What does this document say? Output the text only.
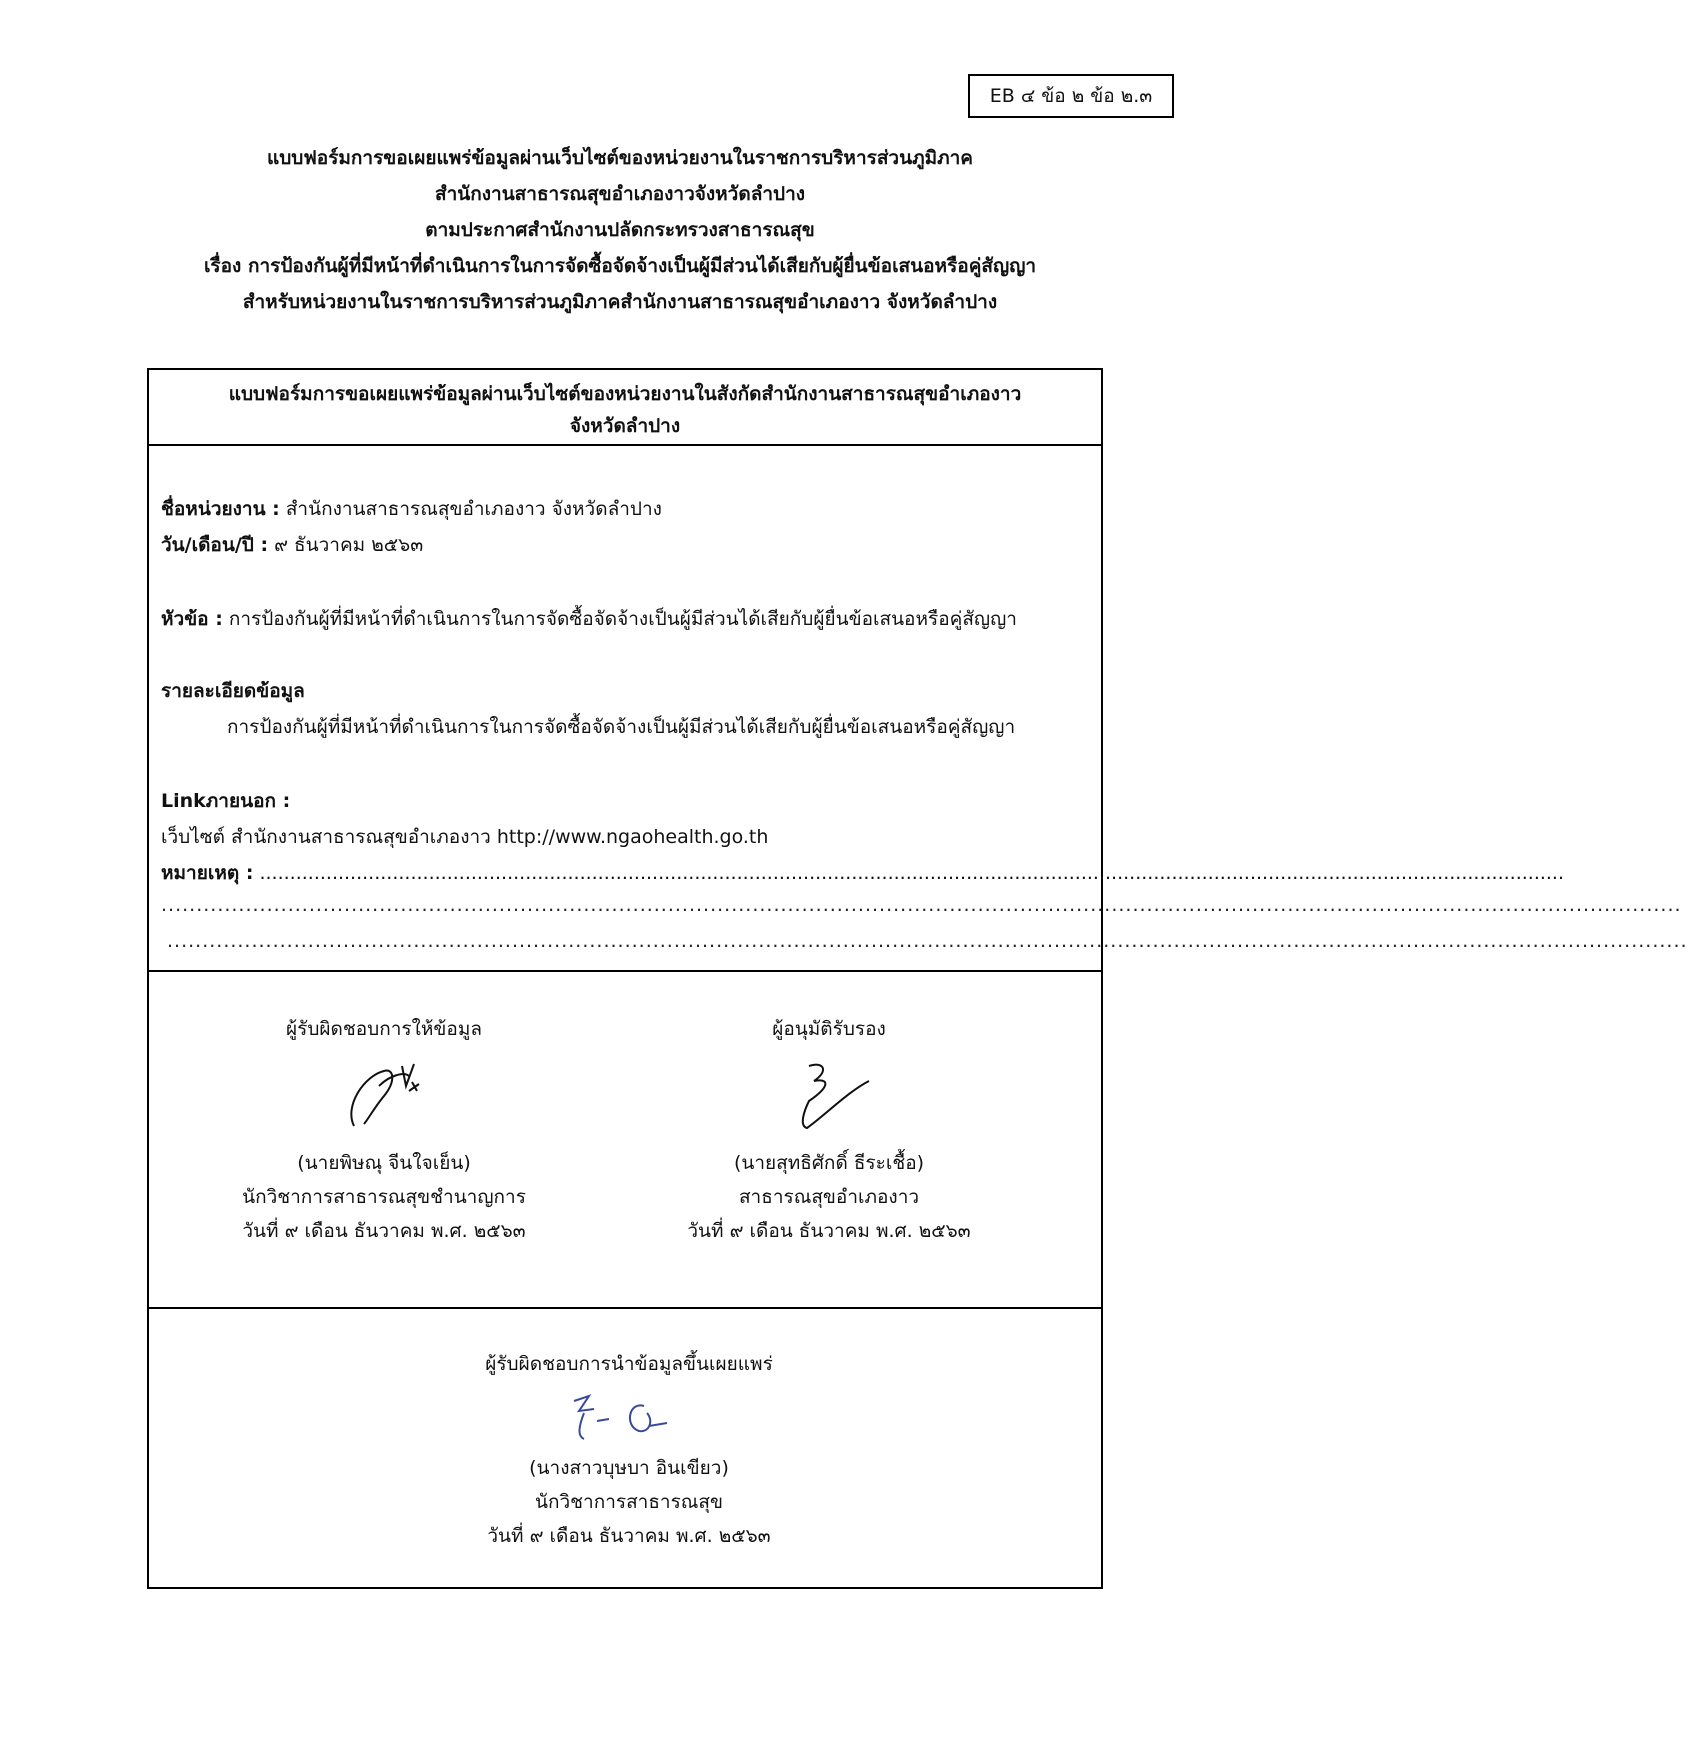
EB ๔ ข้อ ๒ ข้อ ๒.๓
แบบฟอร์มการขอเผยแพร่ข้อมูลผ่านเว็บไซต์ของหน่วยงานในราชการบริหารส่วนภูมิภาค
สำนักงานสาธารณสุขอำเภองาวจังหวัดลำปาง
ตามประกาศสำนักงานปลัดกระทรวงสาธารณสุข
เรื่อง การป้องกันผู้ที่มีหน้าที่ดำเนินการในการจัดซื้อจัดจ้างเป็นผู้มีส่วนได้เสียกับผู้ยื่นข้อเสนอหรือคู่สัญญา
สำหรับหน่วยงานในราชการบริหารส่วนภูมิภาคสำนักงานสาธารณสุขอำเภองาว จังหวัดลำปาง
แบบฟอร์มการขอเผยแพร่ข้อมูลผ่านเว็บไซต์ของหน่วยงานในสังกัดสำนักงานสาธารณสุขอำเภองาว
จังหวัดลำปาง
ชื่อหน่วยงาน : สำนักงานสาธารณสุขอำเภองาว จังหวัดลำปาง
วัน/เดือน/ปี : ๙ ธันวาคม ๒๕๖๓
หัวข้อ : การป้องกันผู้ที่มีหน้าที่ดำเนินการในการจัดซื้อจัดจ้างเป็นผู้มีส่วนได้เสียกับผู้ยื่นข้อเสนอหรือคู่สัญญา
รายละเอียดข้อมูล
การป้องกันผู้ที่มีหน้าที่ดำเนินการในการจัดซื้อจัดจ้างเป็นผู้มีส่วนได้เสียกับผู้ยื่นข้อเสนอหรือคู่สัญญา
Linkภายนอก :
เว็บไซต์ สำนักงานสาธารณสุขอำเภองาว http://www.ngaohealth.go.th
หมายเหตุ : ........................................................................................................................................................................................................................
........................................................................................................................................................................................................................
........................................................................................................................................................................................................................
ผู้รับผิดชอบการให้ข้อมูล
(นายพิษณุ จีนใจเย็น)
นักวิชาการสาธารณสุขชำนาญการ
วันที่ ๙ เดือน ธันวาคม พ.ศ. ๒๕๖๓
ผู้อนุมัติรับรอง
(นายสุทธิศักดิ์ ธีระเชื้อ)
สาธารณสุขอำเภองาว
วันที่ ๙ เดือน ธันวาคม พ.ศ. ๒๕๖๓
ผู้รับผิดชอบการนำข้อมูลขึ้นเผยแพร่
(นางสาวบุษบา อินเขียว)
นักวิชาการสาธารณสุข
วันที่ ๙ เดือน ธันวาคม พ.ศ. ๒๕๖๓
